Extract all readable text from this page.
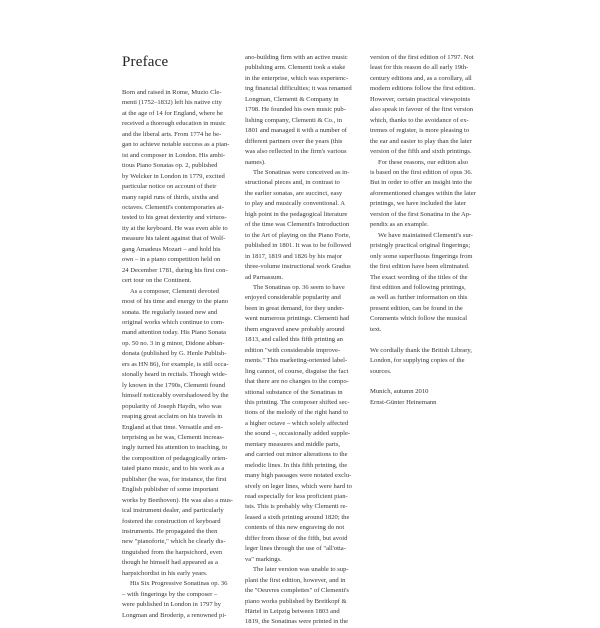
Preface
Born and raised in Rome, Muzio Cle-
menti (1752–1832) left his native city
at the age of 14 for England, where he
received a thorough education in music
and the liberal arts. From 1774 he be-
gan to achieve notable success as a pian-
ist and composer in London. His ambi-
tious Piano Sonatas op. 2, published
by Welcker in London in 1779, excited
particular notice on account of their
many rapid runs of thirds, sixths and
octaves. Clementi's contemporaries at-
tested to his great dexterity and virtuos-
ity at the keyboard. He was even able to
measure his talent against that of Wolf-
gang Amadeus Mozart – and hold his
own – in a piano competition held on
24 December 1781, during his first con-
cert tour on the Continent.
As a composer, Clementi devoted
most of his time and energy to the piano
sonata. He regularly issued new and
original works which continue to com-
mand attention today. His Piano Sonata
op. 50 no. 3 in g minor, Didone abban-
donata (published by G. Henle Publish-
ers as HN 86), for example, is still occa-
sionally heard in recitals. Though wide-
ly known in the 1790s, Clementi found
himself noticeably overshadowed by the
popularity of Joseph Haydn, who was
reaping great acclaim on his travels in
England at that time. Versatile and en-
terprising as he was, Clementi increas-
ingly turned his attention to teaching, to
the composition of pedagogically orien-
tated piano music, and to his work as a
publisher (he was, for instance, the first
English publisher of some important
works by Beethoven). He was also a mus-
ical instrument dealer, and particularly
fostered the construction of keyboard
instruments. He propagated the then
new "pianoforte," which he clearly dis-
tinguished from the harpsichord, even
though he himself had appeared as a
harpsichordist in his early years.
His Six Progressive Sonatinas op. 36
– with fingerings by the composer –
were published in London in 1797 by
Longman and Broderip, a renowned pi-
ano-building firm with an active music
publishing arm. Clementi took a stake
in the enterprise, which was experienc-
ing financial difficulties; it was renamed
Longman, Clementi & Company in
1798. He founded his own music pub-
lishing company, Clementi & Co., in
1801 and managed it with a number of
different partners over the years (this
was also reflected in the firm's various
names).
The Sonatinas were conceived as in-
structional pieces and, in contrast to
the earlier sonatas, are succinct, easy
to play and musically conventional. A
high point in the pedagogical literature
of the time was Clementi's Introduction
to the Art of playing on the Piano Forte,
published in 1801. It was to be followed
in 1817, 1819 and 1826 by his major
three-volume instructional work Gradus
ad Parnassum.
The Sonatinas op. 36 seem to have
enjoyed considerable popularity and
been in great demand, for they under-
went numerous printings. Clementi had
them engraved anew probably around
1813, and called this fifth printing an
edition "with considerable improve-
ments." This marketing-oriented label-
ling cannot, of course, disguise the fact
that there are no changes to the compo-
sitional substance of the Sonatinas in
this printing. The composer shifted sec-
tions of the melody of the right hand to
a higher octave – which solely affected
the sound –, occasionally added supple-
mentary measures and middle parts,
and carried out minor alterations to the
melodic lines. In this fifth printing, the
many high passages were notated exclu-
sively on leger lines, which were hard to
read especially for less proficient pian-
ists. This is probably why Clementi re-
leased a sixth printing around 1820; the
contents of this new engraving do not
differ from those of the fifth, but avoid
leger lines through the use of "all'otta-
va" markings.
The later version was unable to sup-
plant the first edition, however, and in
the "Oeuvres complettes" of Clementi's
piano works published by Breitkopf &
Härtel in Leipzig between 1803 and
1819, the Sonatinas were printed in the
version of the first edition of 1797. Not
least for this reason do all early 19th-
century editions and, as a corollary, all
modern editions follow the first edition.
However, certain practical viewpoints
also speak in favour of the first version
which, thanks to the avoidance of ex-
tremes of register, is more pleasing to
the ear and easier to play than the later
version of the fifth and sixth printings.
For these reasons, our edition also
is based on the first edition of opus 36.
But in order to offer an insight into the
aforementioned changes within the later
printings, we have included the later
version of the first Sonatina in the Ap-
pendix as an example.
We have maintained Clementi's sur-
prisingly practical original fingerings;
only some superfluous fingerings from
the first edition have been eliminated.
The exact wording of the titles of the
first edition and following printings,
as well as further information on this
present edition, can be found in the
Comments which follow the musical
text.
We cordially thank the British Library,
London, for supplying copies of the
sources.
Munich, autumn 2010
Ernst-Günter Heinemann
